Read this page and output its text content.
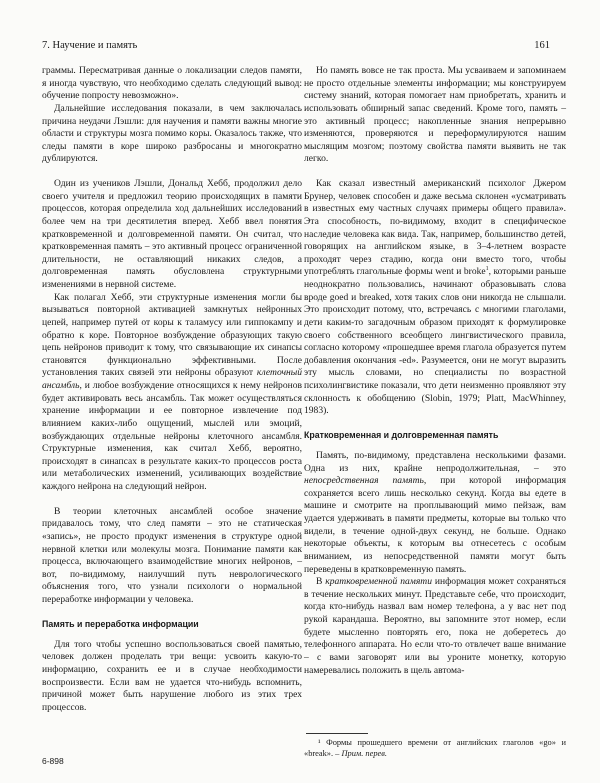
7. Научение и память	161

граммы. Пересматривая данные о локализации следов памяти, я иногда чувствую, что необходимо сделать следующий вывод: обучение попросту невозможно».

Дальнейшие исследования показали, в чем заключалась причина неудачи Лэшли: для научения и памяти важны многие области и структуры мозга помимо коры. Оказалось также, что следы памяти в коре широко разбросаны и многократно дублируются.

Один из учеников Лэшли, Дональд Хебб, продолжил дело своего учителя и предложил теорию происходящих в памяти процессов, которая определила ход дальнейших исследований более чем на три десятилетия вперед. Хебб ввел понятия кратковременной и долговременной памяти. Он считал, что кратковременная память – это активный процесс ограниченной длительности, не оставляющий никаких следов, а долговременная память обусловлена структурными изменениями в нервной системе.

Как полагал Хебб, эти структурные изменения могли бы вызываться повторной активацией замкнутых нейронных цепей, например путей от коры к таламусу или гиппокампу и обратно к коре. Повторное возбуждение образующих такую цепь нейронов приводит к тому, что связывающие их синапсы становятся функционально эффективными. После установления таких связей эти нейроны образуют клеточный ансамбль, и любое возбуждение относящихся к нему нейронов будет активировать весь ансамбль. Так может осуществляться хранение информации и ее повторное извлечение под влиянием каких-либо ощущений, мыслей или эмоций, возбуждающих отдельные нейроны клеточного ансамбля. Структурные изменения, как считал Хебб, вероятно, происходят в синапсах в результате каких-то процессов роста или метаболических изменений, усиливающих воздействие каждого нейрона на следующий нейрон.

В теории клеточных ансамблей особое значение придавалось тому, что след памяти – это не статическая «запись», не просто продукт изменения в структуре одной нервной клетки или молекулы мозга. Понимание памяти как процесса, включающего взаимодействие многих нейронов, – вот, по-видимому, наилучший путь неврологического объяснения того, что узнали психологи о нормальной переработке информации у человека.

Память и переработка информации

Для того чтобы успешно воспользоваться своей памятью, человек должен проделать три вещи: усвоить какую-то информацию, сохранить ее и в случае необходимости воспроизвести. Если вам не удается что-нибудь вспомнить, причиной может быть нарушение любого из этих трех процессов.

Но память вовсе не так проста. Мы усваиваем и запоминаем не просто отдельные элементы информации; мы конструируем систему знаний, которая помогает нам приобретать, хранить и использовать обширный запас сведений. Кроме того, память – это активный процесс; накопленные знания непрерывно изменяются, проверяются и переформулируются нашим мыслящим мозгом; поэтому свойства памяти выявить не так легко.

Как сказал известный американский психолог Джером Брунер, человек способен и даже весьма склонен «усматривать в известных ему частных случаях примеры общего правила». Эта способность, по-видимому, входит в специфическое наследие человека как вида. Так, например, большинство детей, говорящих на английском языке, в 3–4-летнем возрасте проходят через стадию, когда они вместо того, чтобы употреблять глагольные формы went и broke$^1$, которыми раньше неоднократно пользовались, начинают образовывать слова вроде goed и breaked, хотя таких слов они никогда не слышали. Это происходит потому, что, встречаясь с многими глаголами, дети каким-то загадочным образом приходят к формулировке своего собственного всеобщего лингвистического правила, согласно которому «прошедшее время глагола образуется путем добавления окончания -ed». Разумеется, они не могут выразить эту мысль словами, но специалисты по возрастной психолингвистике показали, что дети неизменно проявляют эту склонность к обобщению (Slobin, 1979; Platt, MacWhinney, 1983).

Кратковременная и долговременная память

Память, по-видимому, представлена несколькими фазами. Одна из них, крайне непродолжительная, – это непосредственная память, при которой информация сохраняется всего лишь несколько секунд. Когда вы едете в машине и смотрите на проплывающий мимо пейзаж, вам удается удерживать в памяти предметы, которые вы только что видели, в течение одной-двух секунд, не больше. Однако некоторые объекты, к которым вы отнесетесь с особым вниманием, из непосредственной памяти могут быть переведены в кратковременную память.

В кратковременной памяти информация может сохраняться в течение нескольких минут. Представьте себе, что происходит, когда кто-нибудь назвал вам номер телефона, а у вас нет под рукой карандаша. Вероятно, вы запомните этот номер, если будете мысленно повторять его, пока не доберетесь до телефонного аппарата. Но если что-то отвлечет ваше внимание – с вами заговорят или вы уроните монетку, которую намеревались положить в щель автома-

¹ Формы прошедшего времени от английских глаголов «go» и «break». – Прим. перев.
6-898
